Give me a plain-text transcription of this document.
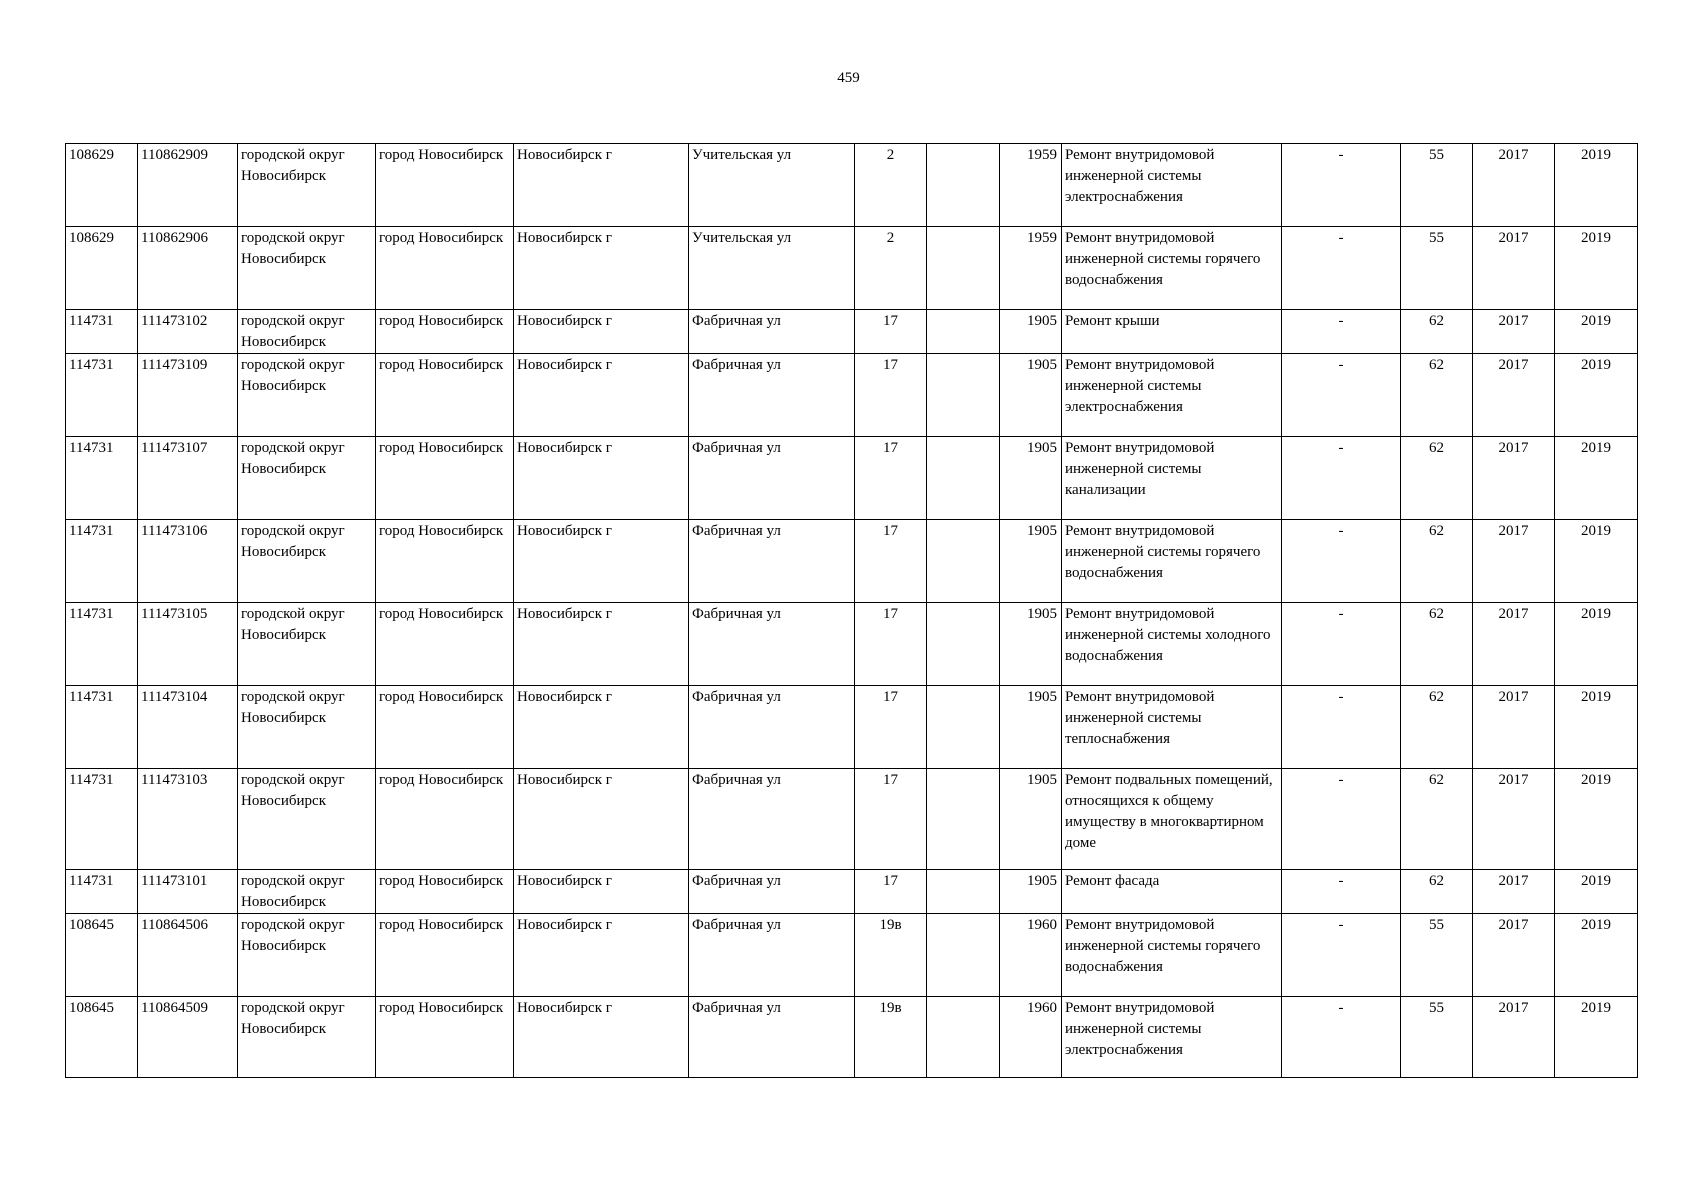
459
108629	110862909	городской округ Новосибирск	город Новосибирск	Новосибирск г	Учительская ул	2		1959	Ремонт внутридомовой инженерной системы электроснабжения	-	55	2017	2019
108629	110862906	городской округ Новосибирск	город Новосибирск	Новосибирск г	Учительская ул	2		1959	Ремонт внутридомовой инженерной системы горячего водоснабжения	-	55	2017	2019
114731	111473102	городской округ Новосибирск	город Новосибирск	Новосибирск г	Фабричная ул	17		1905	Ремонт крыши	-	62	2017	2019
114731	111473109	городской округ Новосибирск	город Новосибирск	Новосибирск г	Фабричная ул	17		1905	Ремонт внутридомовой инженерной системы электроснабжения	-	62	2017	2019
114731	111473107	городской округ Новосибирск	город Новосибирск	Новосибирск г	Фабричная ул	17		1905	Ремонт внутридомовой инженерной системы канализации	-	62	2017	2019
114731	111473106	городской округ Новосибирск	город Новосибирск	Новосибирск г	Фабричная ул	17		1905	Ремонт внутридомовой инженерной системы горячего водоснабжения	-	62	2017	2019
114731	111473105	городской округ Новосибирск	город Новосибирск	Новосибирск г	Фабричная ул	17		1905	Ремонт внутридомовой инженерной системы холодного водоснабжения	-	62	2017	2019
114731	111473104	городской округ Новосибирск	город Новосибирск	Новосибирск г	Фабричная ул	17		1905	Ремонт внутридомовой инженерной системы теплоснабжения	-	62	2017	2019
114731	111473103	городской округ Новосибирск	город Новосибирск	Новосибирск г	Фабричная ул	17		1905	Ремонт подвальных помещений, относящихся к общему имуществу в многоквартирном доме	-	62	2017	2019
114731	111473101	городской округ Новосибирск	город Новосибирск	Новосибирск г	Фабричная ул	17		1905	Ремонт фасада	-	62	2017	2019
108645	110864506	городской округ Новосибирск	город Новосибирск	Новосибирск г	Фабричная ул	19в		1960	Ремонт внутридомовой инженерной системы горячего водоснабжения	-	55	2017	2019
108645	110864509	городской округ Новосибирск	город Новосибирск	Новосибирск г	Фабричная ул	19в		1960	Ремонт внутридомовой инженерной системы электроснабжения	-	55	2017	2019
